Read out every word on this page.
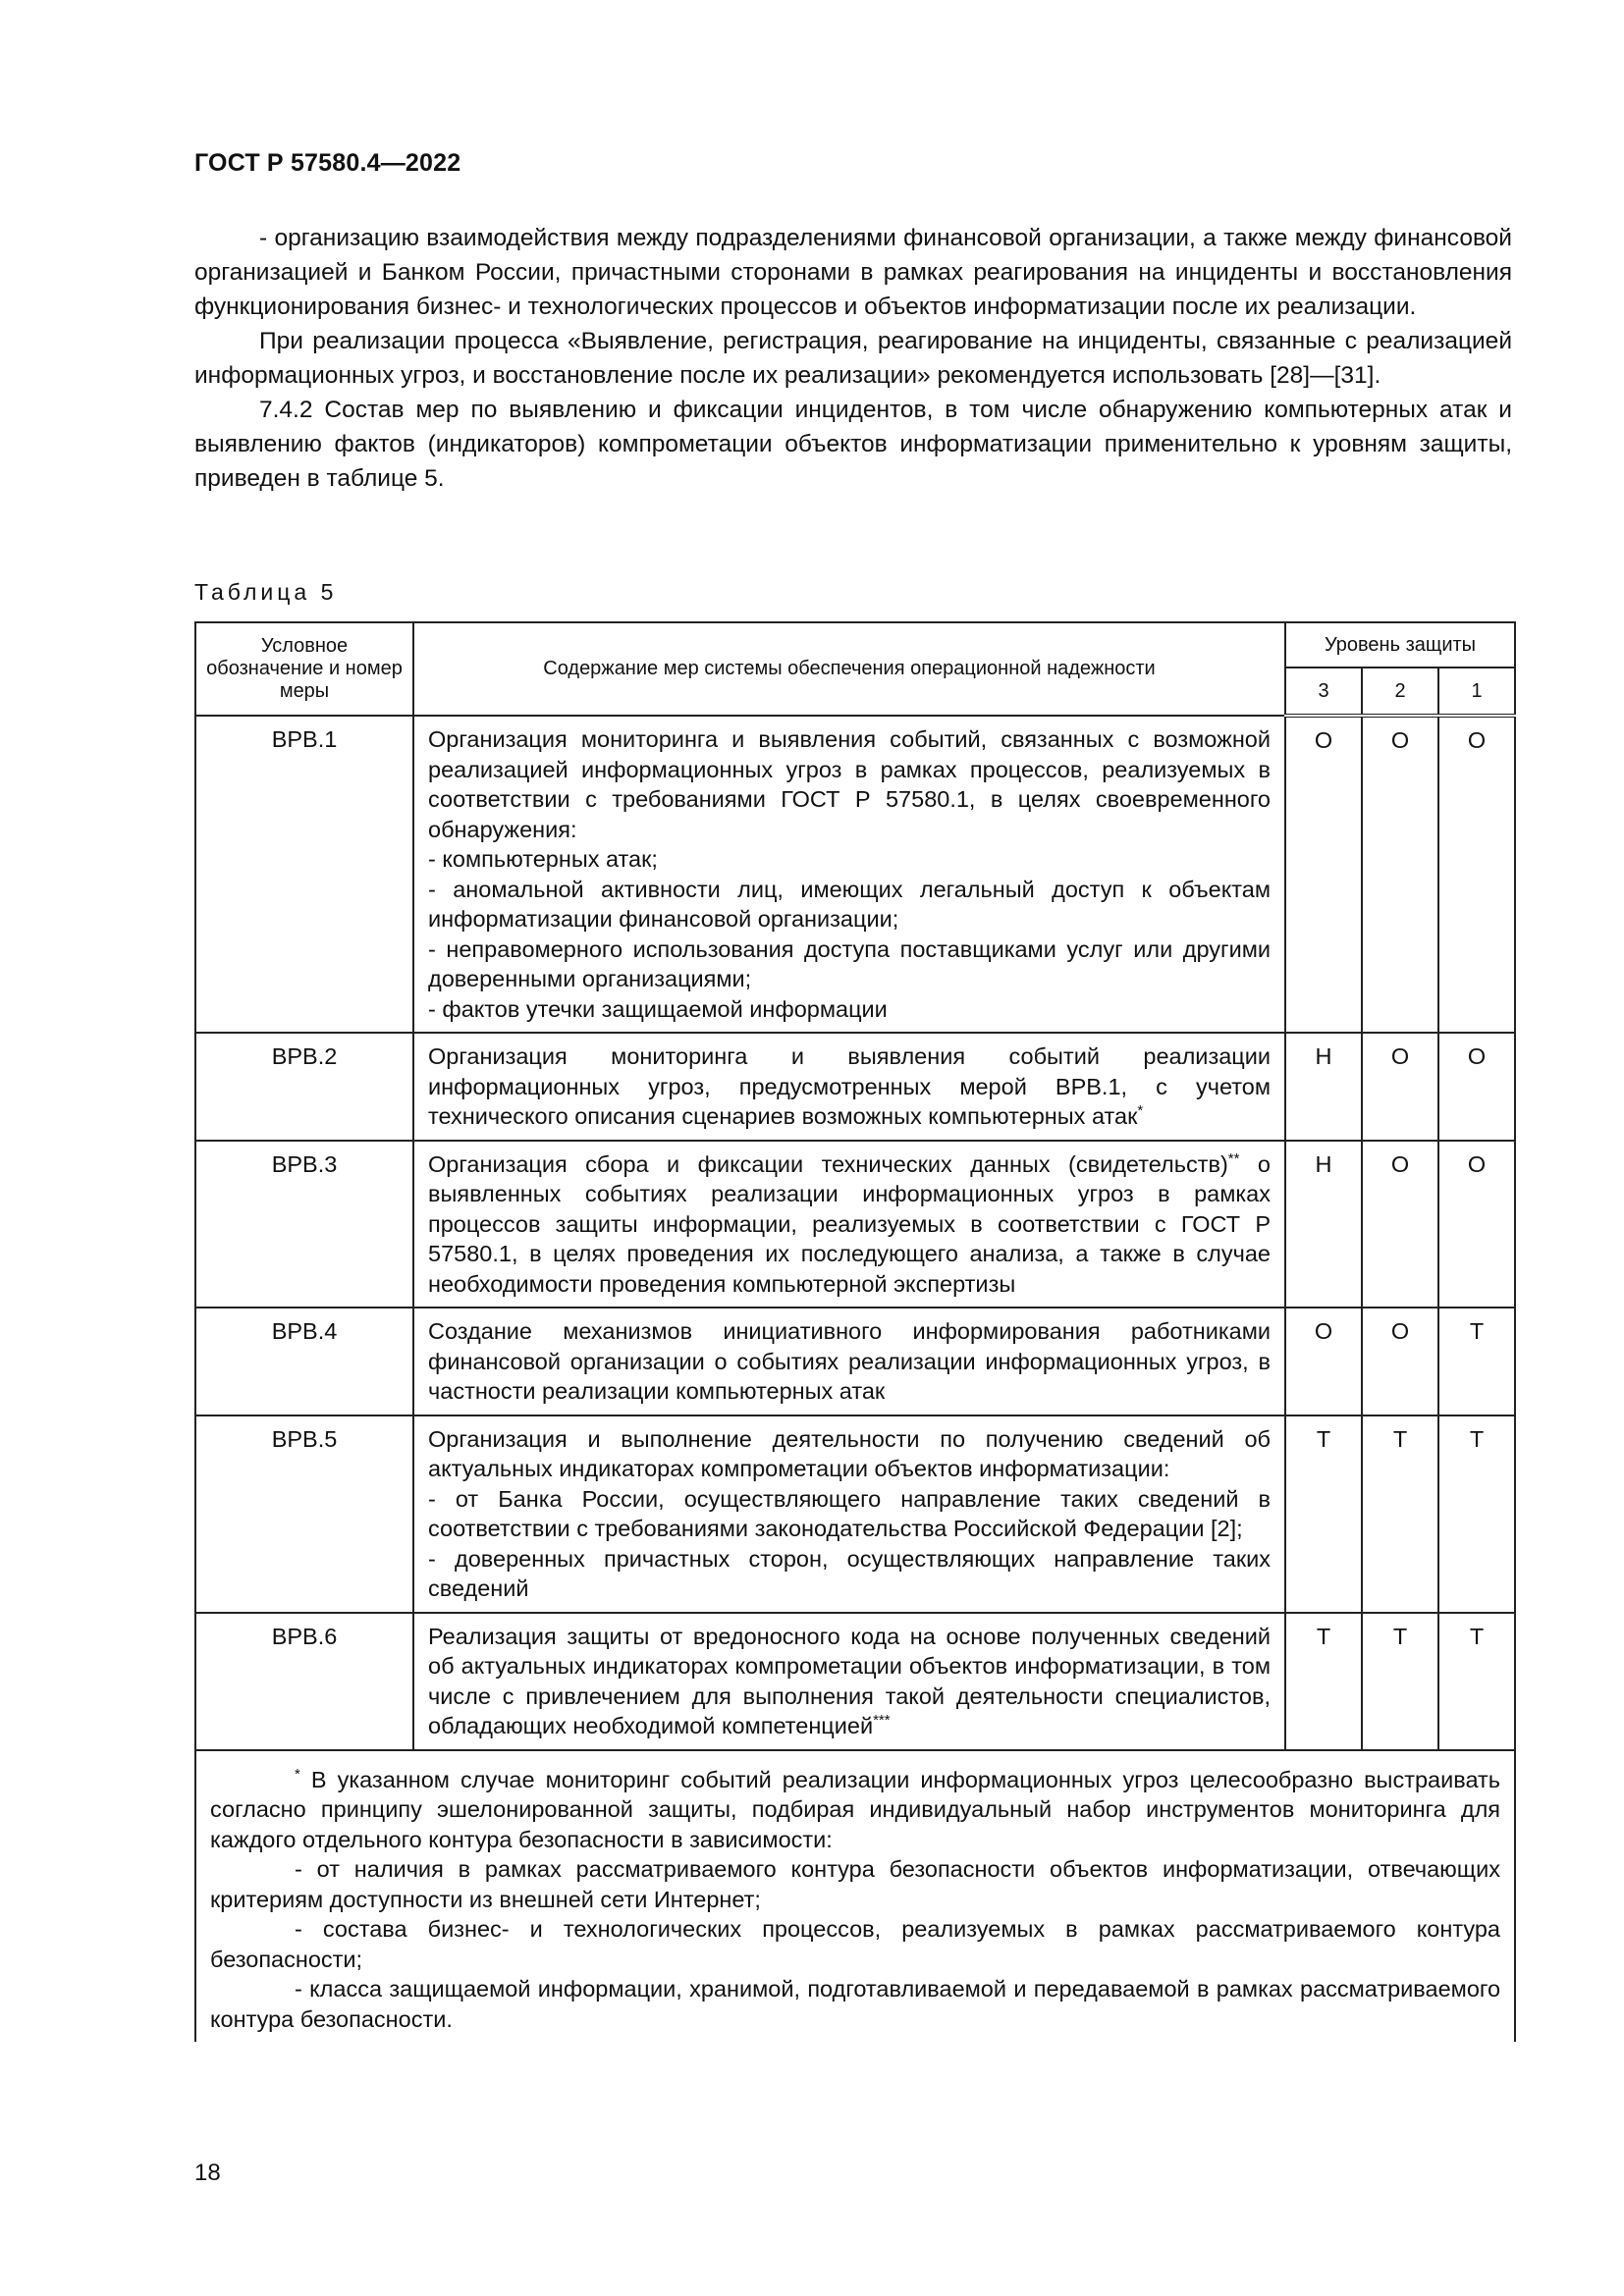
ГОСТ Р 57580.4—2022

- организацию взаимодействия между подразделениями финансовой организации, а также между финансовой организацией и Банком России, причастными сторонами в рамках реагирования на инциденты и восстановления функционирования бизнес- и технологических процессов и объектов информатизации после их реализации.

При реализации процесса «Выявление, регистрация, реагирование на инциденты, связанные с реализацией информационных угроз, и восстановление после их реализации» рекомендуется использовать [28]—[31].

7.4.2 Состав мер по выявлению и фиксации инцидентов, в том числе обнаружению компьютерных атак и выявлению фактов (индикаторов) компрометации объектов информатизации применительно к уровням защиты, приведен в таблице 5.

Таблица 5
Условное обозначение и номер меры	Содержание мер системы обеспечения операционной надежности	Уровень защиты		
		3	2	1
ВРВ.1	Организация мониторинга и выявления событий, связанных с возможной реализацией информационных угроз в рамках процессов, реализуемых в соответствии с требованиями ГОСТ Р 57580.1, в целях своевременного обнаружения:
- компьютерных атак;
- аномальной активности лиц, имеющих легальный доступ к объектам информатизации финансовой организации;
- неправомерного использования доступа поставщиками услуг или другими доверенными организациями;
- фактов утечки защищаемой информации	О	О	О
ВРВ.2	Организация мониторинга и выявления событий реализации информационных угроз, предусмотренных мерой ВРВ.1, с учетом технического описания сценариев возможных компьютерных атак*	Н	О	О
ВРВ.3	Организация сбора и фиксации технических данных (свидетельств)** о выявленных событиях реализации информационных угроз в рамках процессов защиты информации, реализуемых в соответствии с ГОСТ Р 57580.1, в целях проведения их последующего анализа, а также в случае необходимости проведения компьютерной экспертизы	Н	О	О
ВРВ.4	Создание механизмов инициативного информирования работниками финансовой организации о событиях реализации информационных угроз, в частности реализации компьютерных атак	О	О	Т
ВРВ.5	Организация и выполнение деятельности по получению сведений об актуальных индикаторах компрометации объектов информатизации:
- от Банка России, осуществляющего направление таких сведений в соответствии с требованиями законодательства Российской Федерации [2];
- доверенных причастных сторон, осуществляющих направление таких сведений	Т	Т	Т
ВРВ.6	Реализация защиты от вредоносного кода на основе полученных сведений об актуальных индикаторах компрометации объектов информатизации, в том числе с привлечением для выполнения такой деятельности специалистов, обладающих необходимой компетенцией***	Т	Т	Т

* В указанном случае мониторинг событий реализации информационных угроз целесообразно выстраивать согласно принципу эшелонированной защиты, подбирая индивидуальный набор инструментов мониторинга для каждого отдельного контура безопасности в зависимости:

- от наличия в рамках рассматриваемого контура безопасности объектов информатизации, отвечающих критериям доступности из внешней сети Интернет;

- состава бизнес- и технологических процессов, реализуемых в рамках рассматриваемого контура безопасности;

- класса защищаемой информации, хранимой, подготавливаемой и передаваемой в рамках рассматриваемого контура безопасности.				

18
